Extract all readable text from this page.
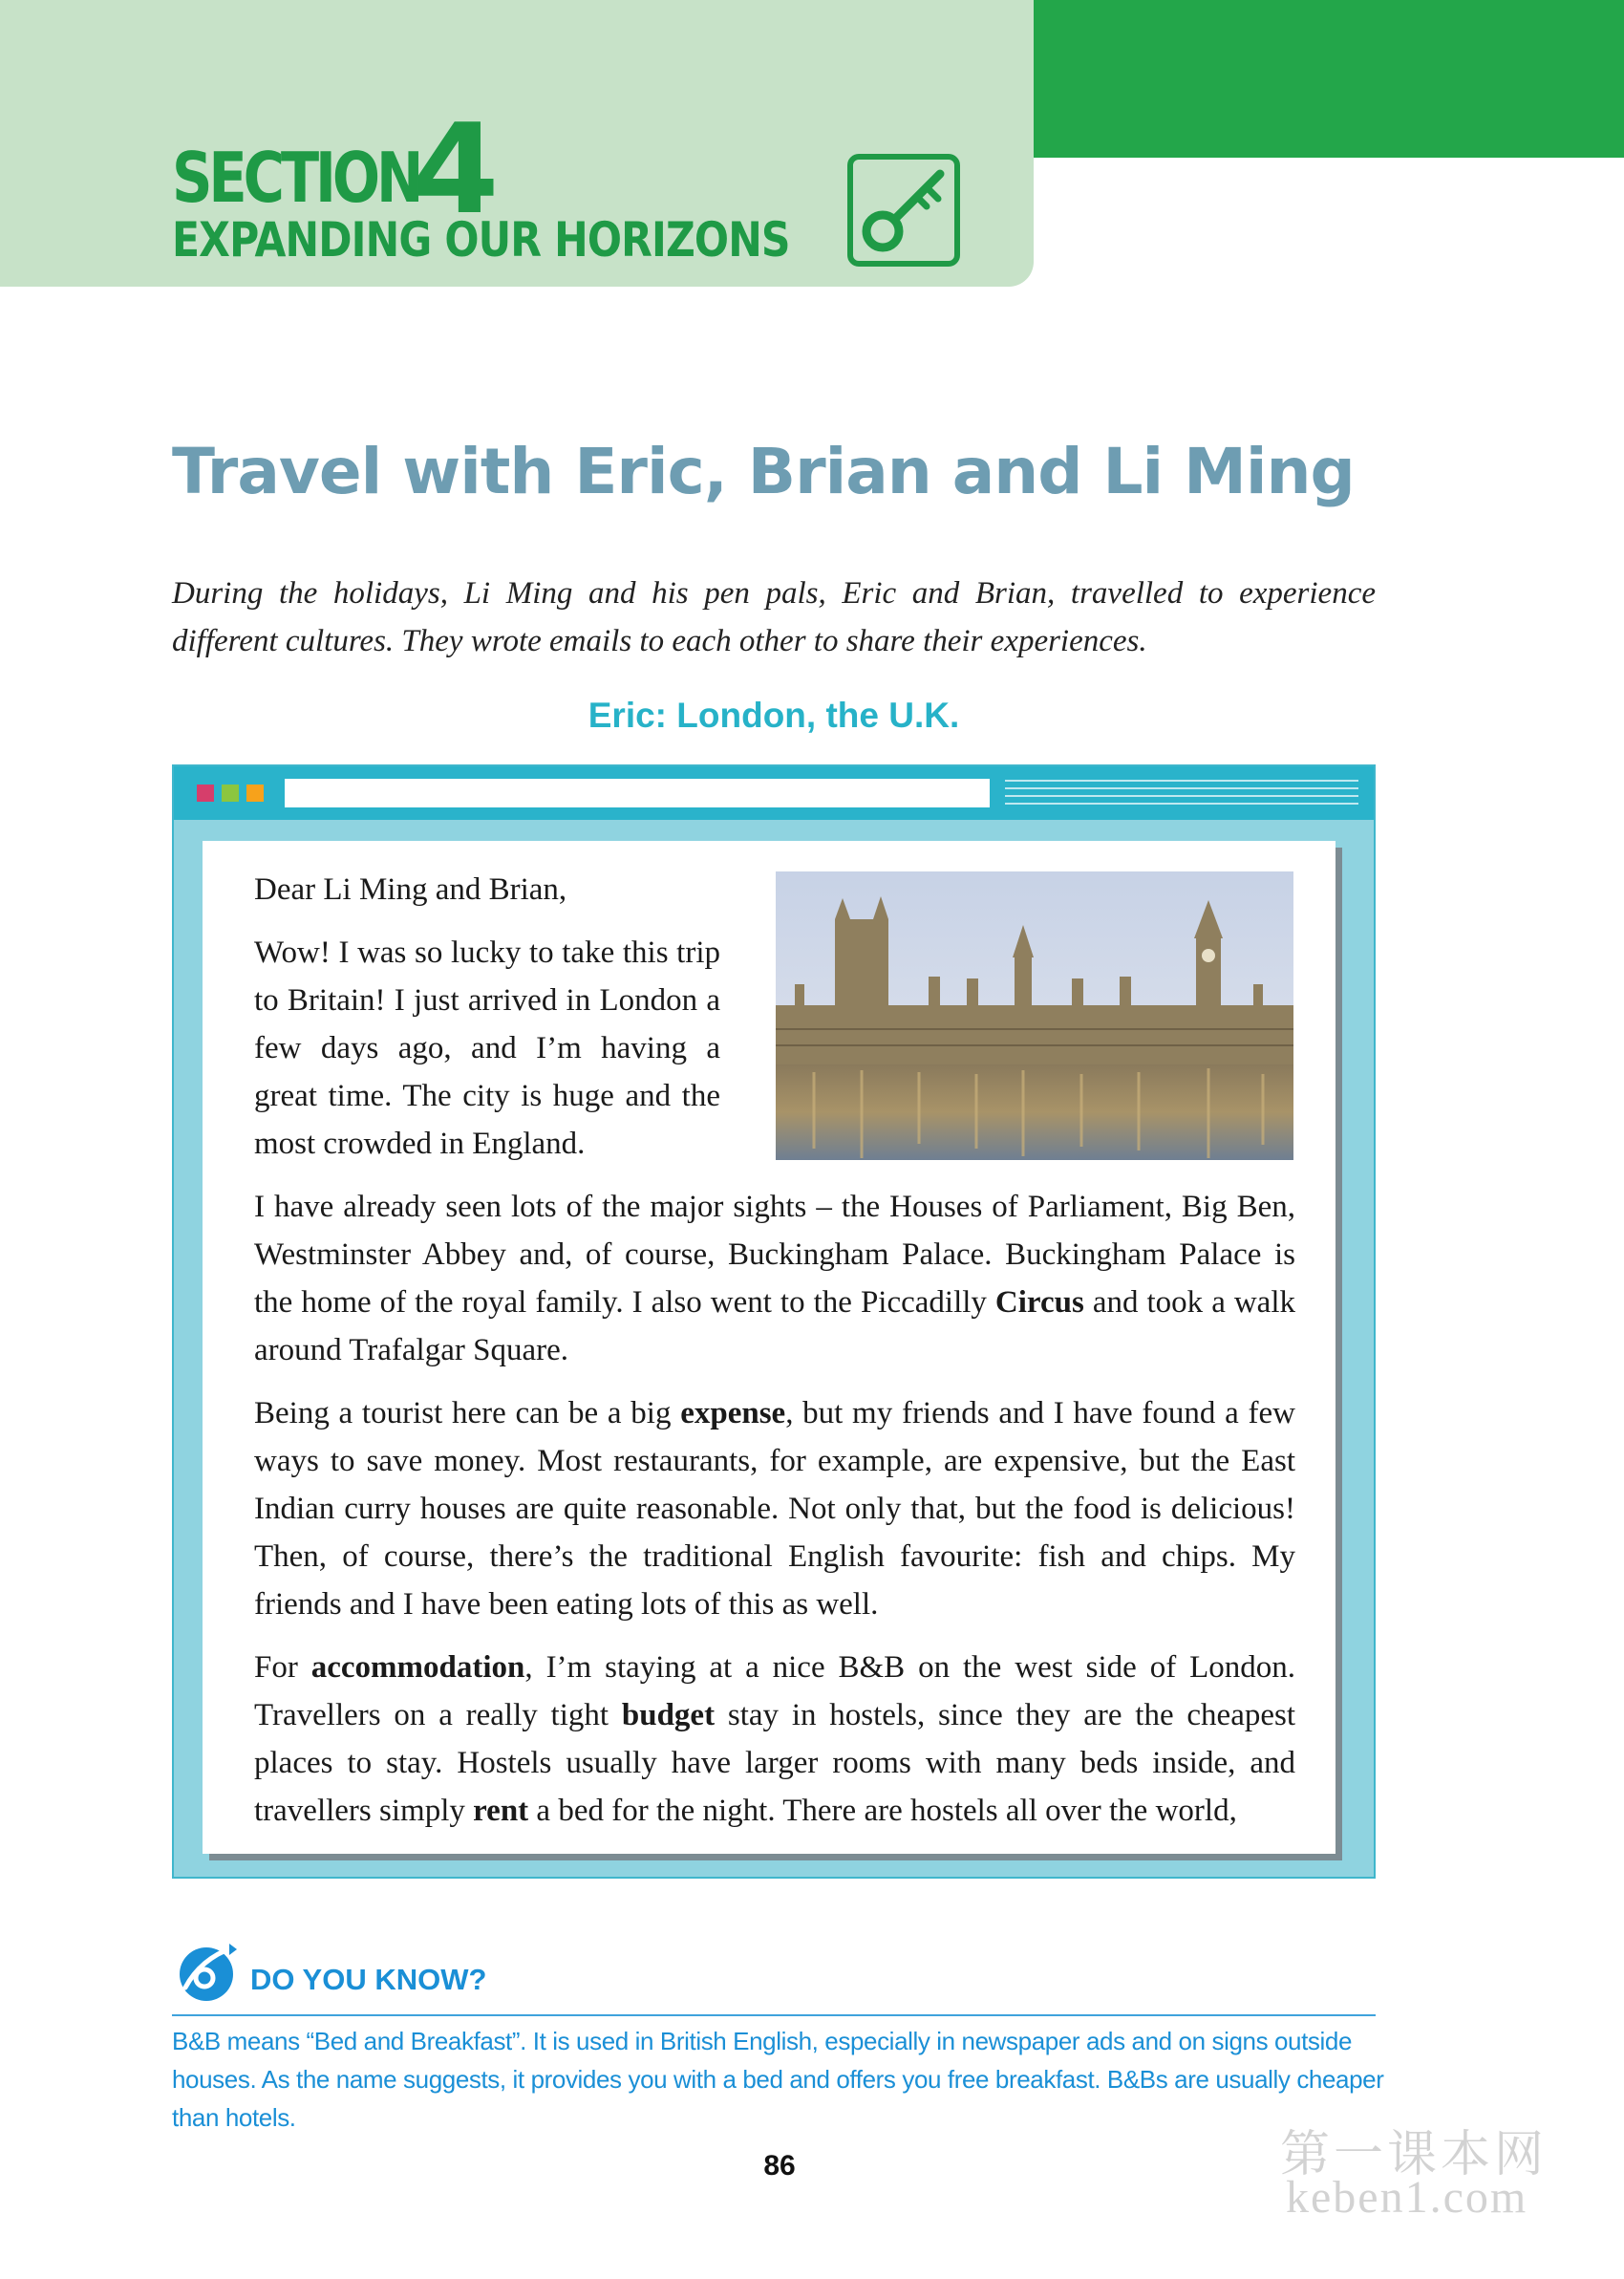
SECTION
4
EXPANDING OUR HORIZONS
Travel with Eric, Brian and Li Ming

During the holidays, Li Ming and his pen pals, Eric and Brian, travelled to experience different cultures. They wrote emails to each other to share their experiences.

Eric: London, the U.K.

Dear Li Ming and Brian,

Wow! I was so lucky to take this trip to Britain! I just arrived in London a few days ago, and I’m having a great time. The city is huge and the most crowded in England.

I have already seen lots of the major sights – the Houses of Parliament, Big Ben, Westminster Abbey and, of course, Buckingham Palace. Buckingham Palace is the home of the royal family. I also went to the Piccadilly Circus and took a walk around Trafalgar Square.

Being a tourist here can be a big expense, but my friends and I have found a few ways to save money. Most restaurants, for example, are expensive, but the East Indian curry houses are quite reasonable. Not only that, but the food is delicious! Then, of course, there’s the traditional English favourite: fish and chips. My friends and I have been eating lots of this as well.

For accommodation, I’m staying at a nice B&B on the west side of London. Travellers on a really tight budget stay in hostels, since they are the cheapest places to stay. Hostels usually have larger rooms with many beds inside, and travellers simply rent a bed for the night. There are hostels all over the world,

DO YOU KNOW?

B&B means “Bed and Breakfast”. It is used in British English, especially in newspaper ads and on signs outside houses. As the name suggests, it provides you with a bed and offers you free breakfast. B&Bs are usually cheaper than hotels.

86	第一课本网
keben1.com
